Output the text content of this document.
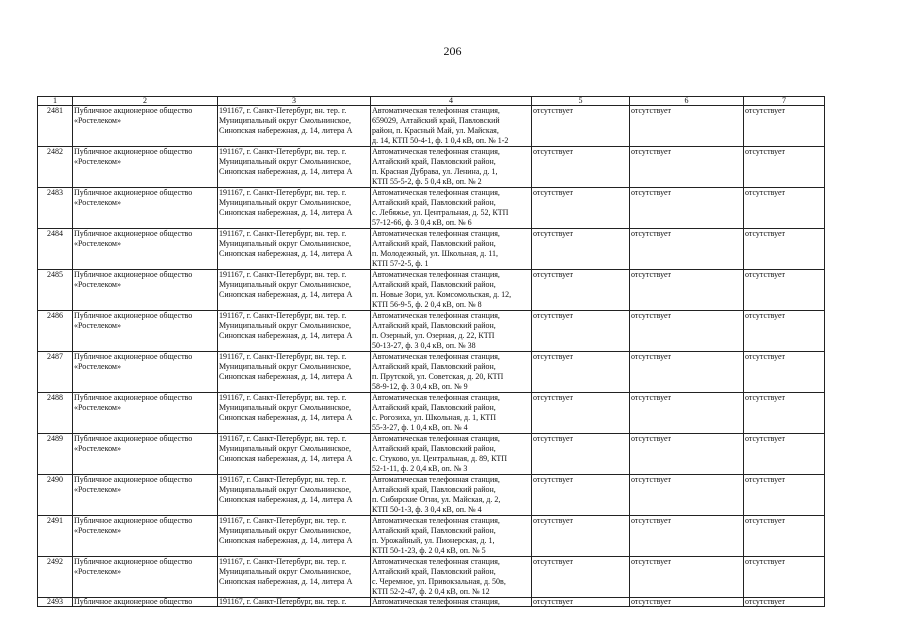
206
1	2	3	4	5	6	7

2481	Публичное акционерное общество
«Ростелеком»	191167, г. Санкт-Петербург, вн. тер. г.
Муниципальный округ Смольнинское,
Синопская набережная, д. 14, литера А	Автоматическая телефонная станция,
659029, Алтайский край, Павловский
район, п. Красный Май, ул. Майская,
д. 14, КТП 50-4-1, ф. 1 0,4 кВ, оп. № 1-2	отсутствует	отсутствует	отсутствует

2482	Публичное акционерное общество
«Ростелеком»	191167, г. Санкт-Петербург, вн. тер. г.
Муниципальный округ Смольнинское,
Синопская набережная, д. 14, литера А	Автоматическая телефонная станция,
Алтайский край, Павловский район,
п. Красная Дубрава, ул. Ленина, д. 1,
КТП 55-5-2, ф. 5 0,4 кВ, оп. № 2	отсутствует	отсутствует	отсутствует

2483	Публичное акционерное общество
«Ростелеком»	191167, г. Санкт-Петербург, вн. тер. г.
Муниципальный округ Смольнинское,
Синопская набережная, д. 14, литера А	Автоматическая телефонная станция,
Алтайский край, Павловский район,
с. Лебяжье, ул. Центральная, д. 52, КТП
57-12-66, ф. 3 0,4 кВ, оп. № 6	отсутствует	отсутствует	отсутствует

2484	Публичное акционерное общество
«Ростелеком»	191167, г. Санкт-Петербург, вн. тер. г.
Муниципальный округ Смольнинское,
Синопская набережная, д. 14, литера А	Автоматическая телефонная станция,
Алтайский край, Павловский район,
п. Молодежный, ул. Школьная, д. 11,
КТП 57-2-5, ф. 1	отсутствует	отсутствует	отсутствует

2485	Публичное акционерное общество
«Ростелеком»	191167, г. Санкт-Петербург, вн. тер. г.
Муниципальный округ Смольнинское,
Синопская набережная, д. 14, литера А	Автоматическая телефонная станция,
Алтайский край, Павловский район,
п. Новые Зори, ул. Комсомольская, д. 12,
КТП 56-9-5, ф. 2 0,4 кВ, оп. № 8	отсутствует	отсутствует	отсутствует

2486	Публичное акционерное общество
«Ростелеком»	191167, г. Санкт-Петербург, вн. тер. г.
Муниципальный округ Смольнинское,
Синопская набережная, д. 14, литера А	Автоматическая телефонная станция,
Алтайский край, Павловский район,
п. Озерный, ул. Озерная, д. 22, КТП
50-13-27, ф. 3 0,4 кВ, оп. № 38	отсутствует	отсутствует	отсутствует

2487	Публичное акционерное общество
«Ростелеком»	191167, г. Санкт-Петербург, вн. тер. г.
Муниципальный округ Смольнинское,
Синопская набережная, д. 14, литера А	Автоматическая телефонная станция,
Алтайский край, Павловский район,
п. Прутской, ул. Советская, д. 20, КТП
58-9-12, ф. 3 0,4 кВ, оп. № 9	отсутствует	отсутствует	отсутствует

2488	Публичное акционерное общество
«Ростелеком»	191167, г. Санкт-Петербург, вн. тер. г.
Муниципальный округ Смольнинское,
Синопская набережная, д. 14, литера А	Автоматическая телефонная станция,
Алтайский край, Павловский район,
с. Рогозиха, ул. Школьная, д. 1, КТП
55-3-27, ф. 1 0,4 кВ, оп. № 4	отсутствует	отсутствует	отсутствует

2489	Публичное акционерное общество
«Ростелеком»	191167, г. Санкт-Петербург, вн. тер. г.
Муниципальный округ Смольнинское,
Синопская набережная, д. 14, литера А	Автоматическая телефонная станция,
Алтайский край, Павловский район,
с. Стуково, ул. Центральная, д. 89, КТП
52-1-11, ф. 2 0,4 кВ, оп. № 3	отсутствует	отсутствует	отсутствует

2490	Публичное акционерное общество
«Ростелеком»	191167, г. Санкт-Петербург, вн. тер. г.
Муниципальный округ Смольнинское,
Синопская набережная, д. 14, литера А	Автоматическая телефонная станция,
Алтайский край, Павловский район,
п. Сибирские Огни, ул. Майская, д. 2,
КТП 50-1-3, ф. 3 0,4 кВ, оп. № 4	отсутствует	отсутствует	отсутствует

2491	Публичное акционерное общество
«Ростелеком»	191167, г. Санкт-Петербург, вн. тер. г.
Муниципальный округ Смольнинское,
Синопская набережная, д. 14, литера А	Автоматическая телефонная станция,
Алтайский край, Павловский район,
п. Урожайный, ул. Пионерская, д. 1,
КТП 50-1-23, ф. 2 0,4 кВ, оп. № 5	отсутствует	отсутствует	отсутствует

2492	Публичное акционерное общество
«Ростелеком»	191167, г. Санкт-Петербург, вн. тер. г.
Муниципальный округ Смольнинское,
Синопская набережная, д. 14, литера А	Автоматическая телефонная станция,
Алтайский край, Павловский район,
с. Черемное, ул. Привокзальная, д. 50в,
КТП 52-2-47, ф. 2 0,4 кВ, оп. № 12	отсутствует	отсутствует	отсутствует

2493	Публичное акционерное общество	191167, г. Санкт-Петербург, вн. тер. г.	Автоматическая телефонная станция,	отсутствует	отсутствует	отсутствует
